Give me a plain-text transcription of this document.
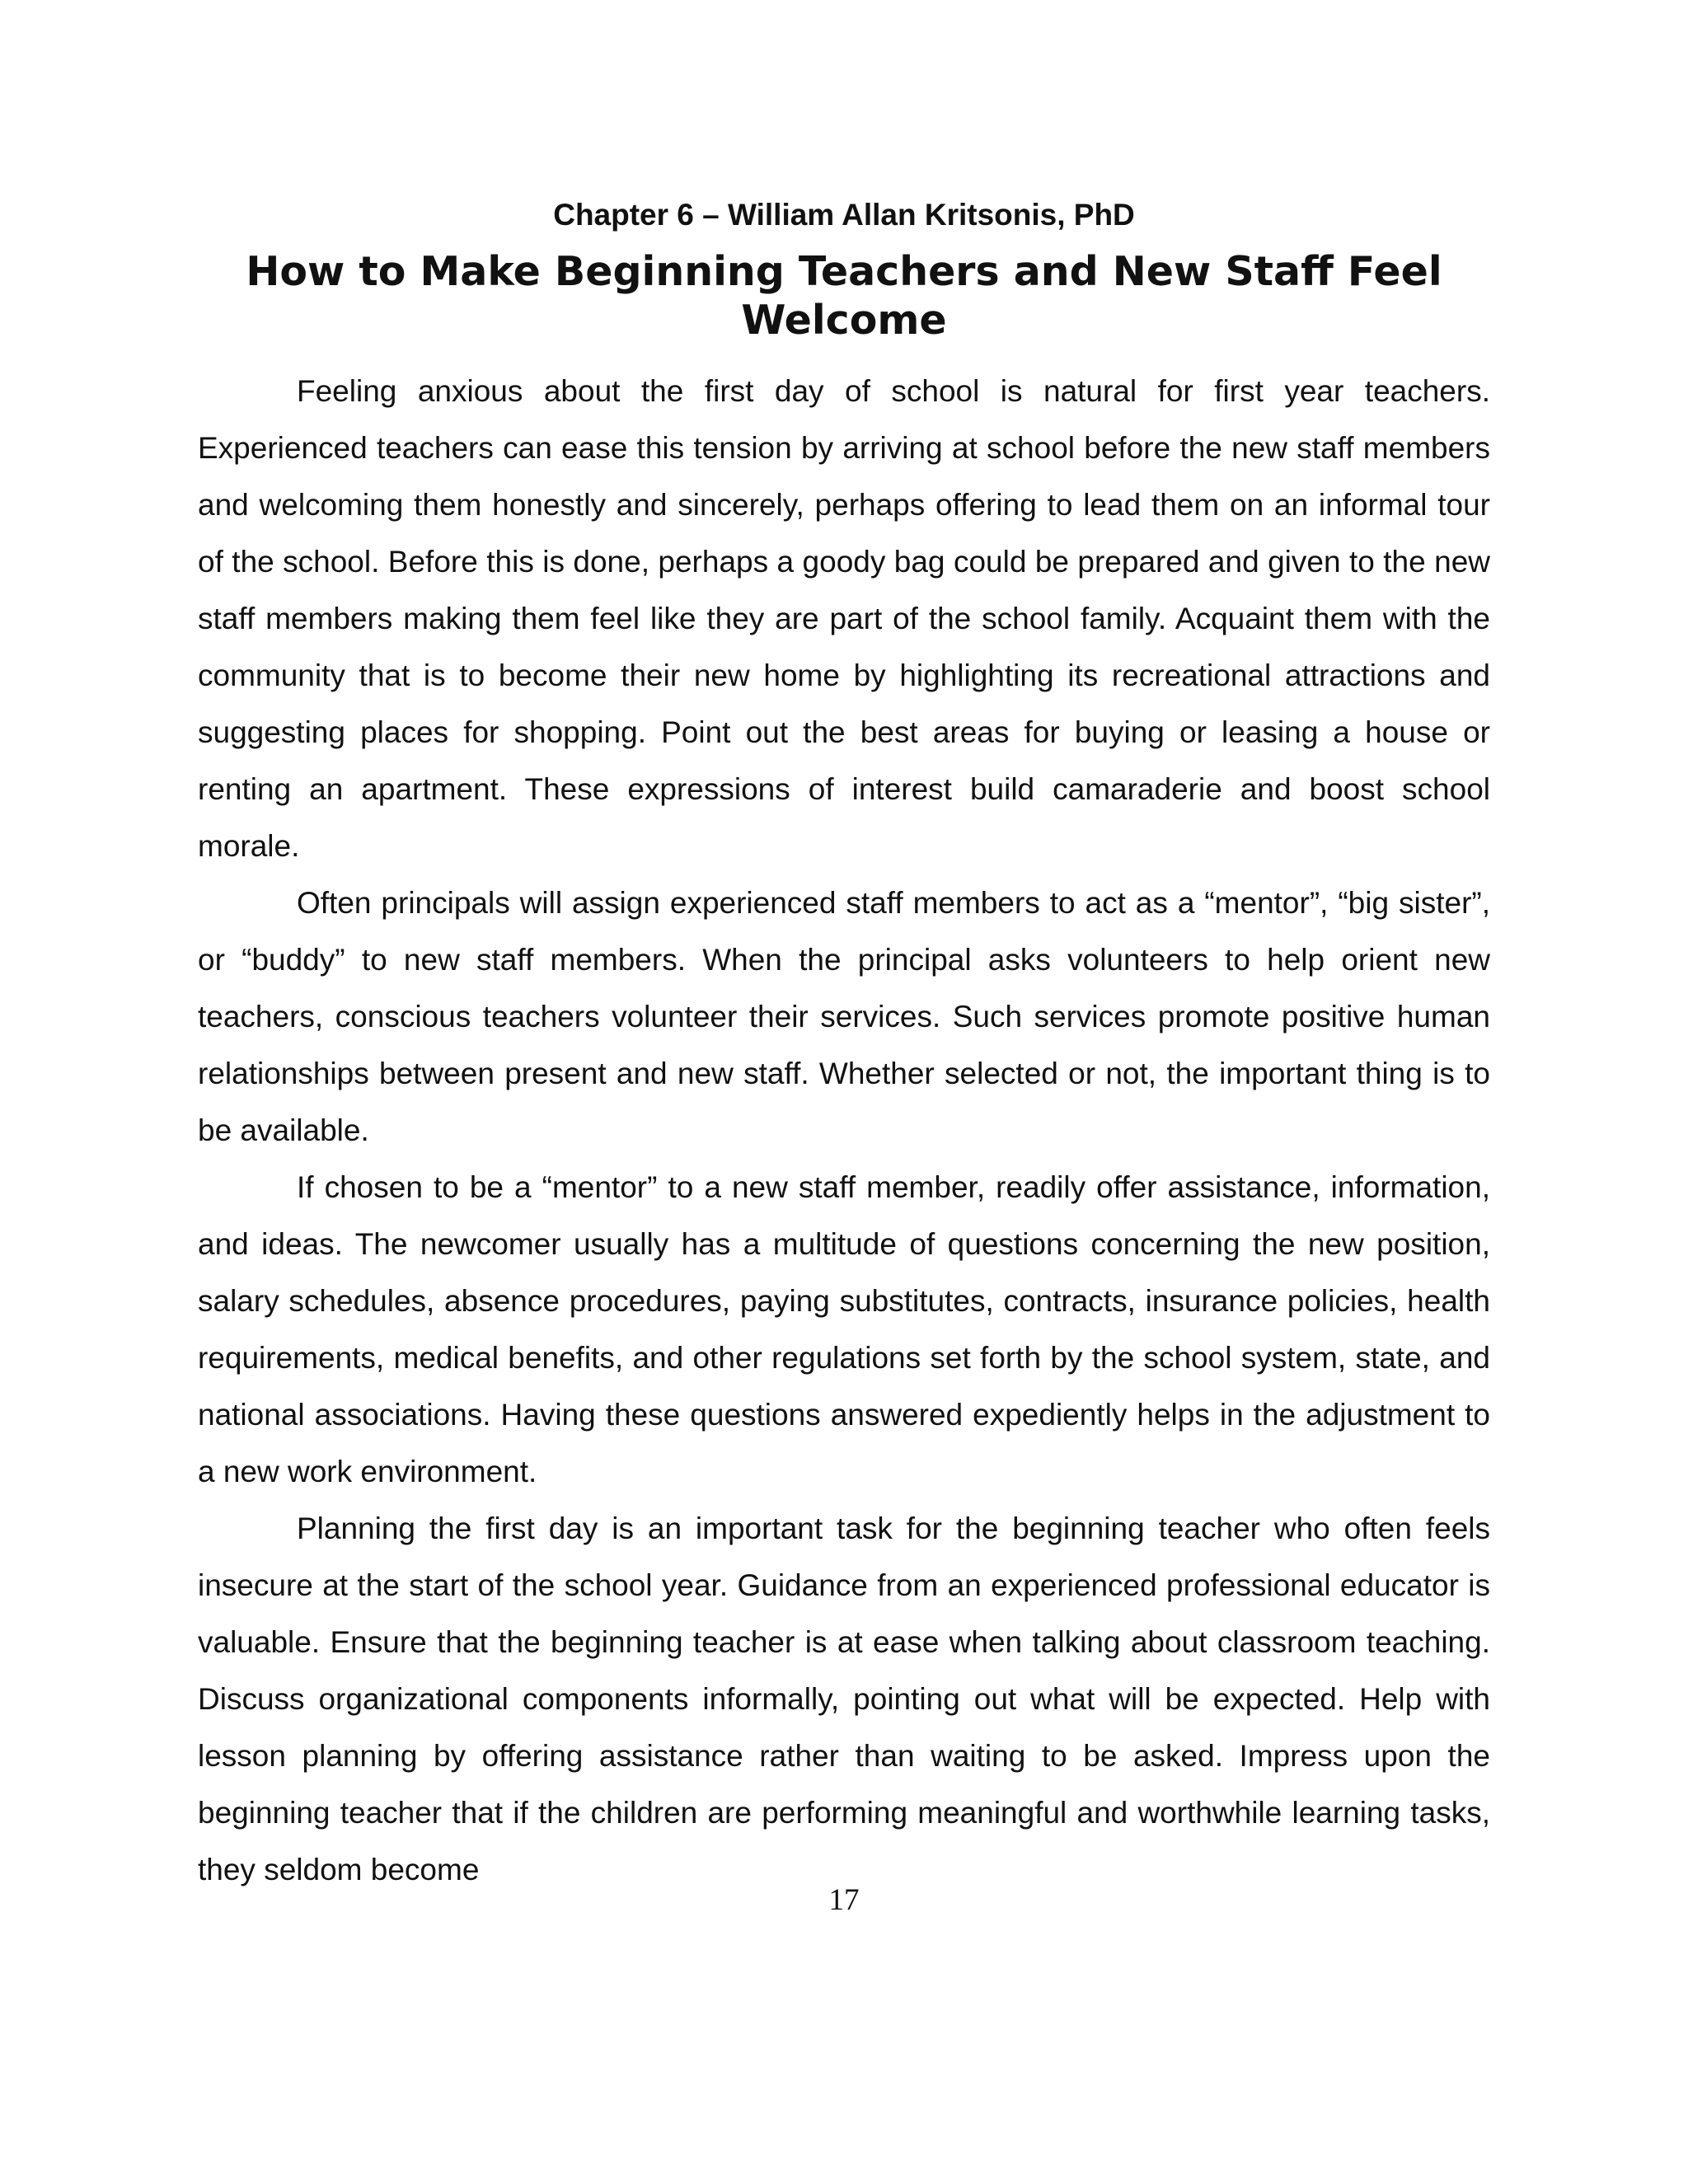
Chapter 6 – William Allan Kritsonis, PhD
How to Make Beginning Teachers and New Staff Feel Welcome

Feeling anxious about the first day of school is natural for first year teachers. Experienced teachers can ease this tension by arriving at school before the new staff members and welcoming them honestly and sincerely, perhaps offering to lead them on an informal tour of the school. Before this is done, perhaps a goody bag could be prepared and given to the new staff members making them feel like they are part of the school family. Acquaint them with the community that is to become their new home by highlighting its recreational attractions and suggesting places for shopping. Point out the best areas for buying or leasing a house or renting an apartment. These expressions of interest build camaraderie and boost school morale.

Often principals will assign experienced staff members to act as a “mentor”, “big sister”, or “buddy” to new staff members. When the principal asks volunteers to help orient new teachers, conscious teachers volunteer their services. Such services promote positive human relationships between present and new staff. Whether selected or not, the important thing is to be available.

If chosen to be a “mentor” to a new staff member, readily offer assistance, information, and ideas. The newcomer usually has a multitude of questions concerning the new position, salary schedules, absence procedures, paying substitutes, contracts, insurance policies, health requirements, medical benefits, and other regulations set forth by the school system, state, and national associations. Having these questions answered expediently helps in the adjustment to a new work environment.

Planning the first day is an important task for the beginning teacher who often feels insecure at the start of the school year. Guidance from an experienced professional educator is valuable. Ensure that the beginning teacher is at ease when talking about classroom teaching. Discuss organizational components informally, pointing out what will be expected. Help with lesson planning by offering assistance rather than waiting to be asked. Impress upon the beginning teacher that if the children are performing meaningful and worthwhile learning tasks, they seldom become

17
